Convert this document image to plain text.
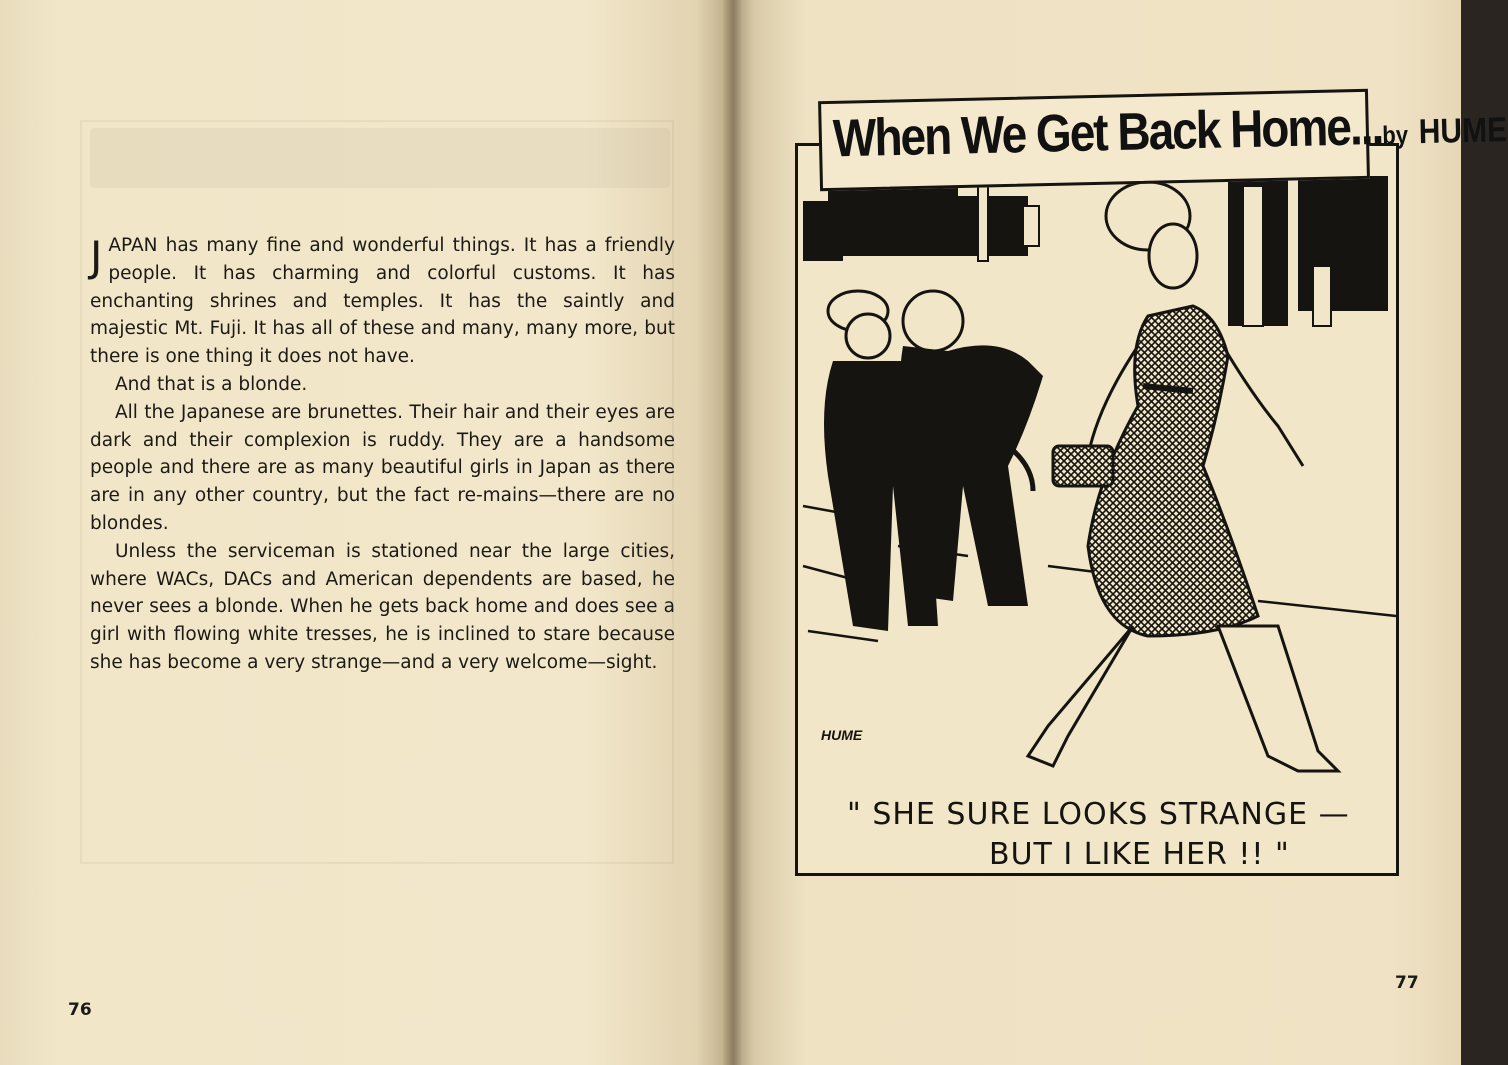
JAPAN has many fine and wonderful things. It has a friendly people. It has charming and colorful customs. It has enchanting shrines and temples. It has the saintly and majestic Mt. Fuji. It has all of these and many, many more, but there is one thing it does not have.

And that is a blonde.

All the Japanese are brunettes. Their hair and their eyes are dark and their complexion is ruddy. They are a handsome people and there are as many beautiful girls in Japan as there are in any other country, but the fact re-mains—there are no blondes.

Unless the serviceman is stationed near the large cities, where WACs, DACs and American dependents are based, he never sees a blonde. When he gets back home and does see a girl with flowing white tresses, he is inclined to stare because she has become a very strange—and a very welcome—sight.

76
77
When We Get Back Home...by HUME
HUME
" SHE SURE LOOKS STRANGE —
BUT I LIKE HER !! "
